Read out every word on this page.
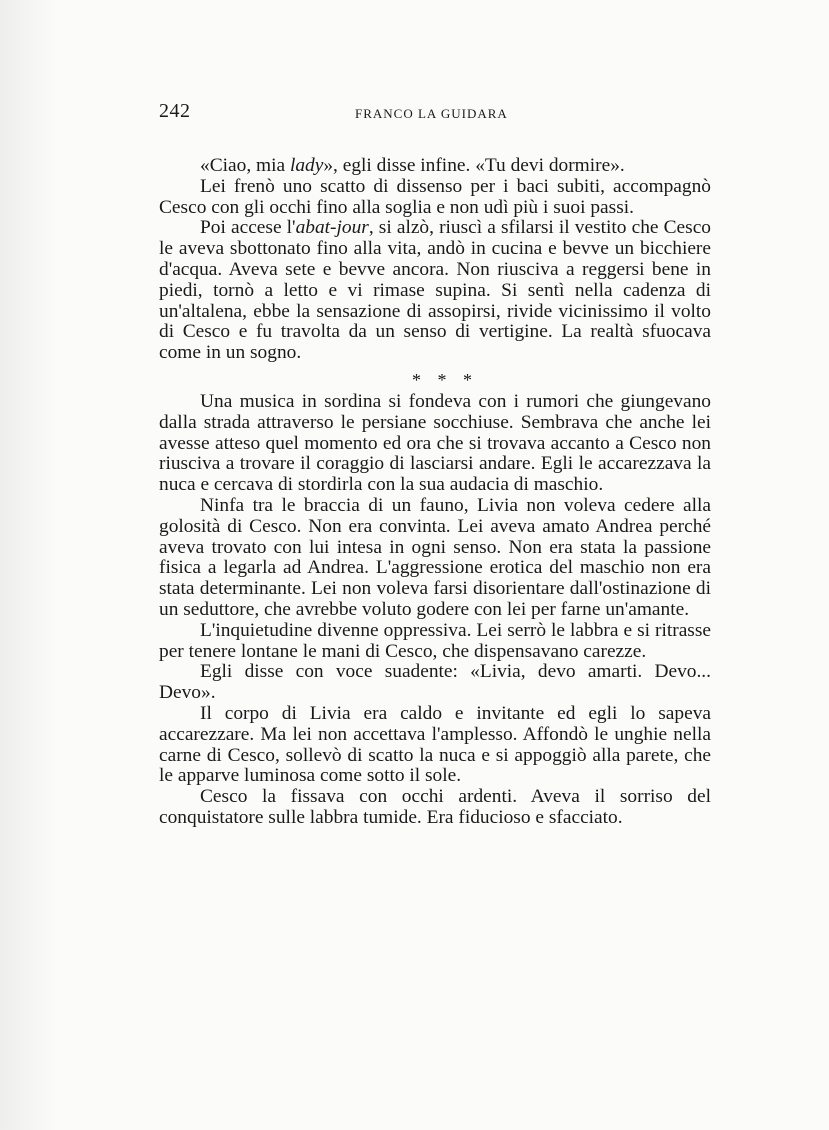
242	FRANCO LA GUIDARA

«Ciao, mia lady», egli disse infine. «Tu devi dormire».

Lei frenò uno scatto di dissenso per i baci subiti, accompagnò Cesco con gli occhi fino alla soglia e non udì più i suoi passi.

Poi accese l'abat-jour, si alzò, riuscì a sfilarsi il vestito che Cesco le aveva sbottonato fino alla vita, andò in cucina e bevve un bicchiere d'acqua. Aveva sete e bevve ancora. Non riusciva a reggersi bene in piedi, tornò a letto e vi rimase supina. Si sentì nella cadenza di un'altalena, ebbe la sensazione di assopirsi, rivide vicinissimo il volto di Cesco e fu travolta da un senso di vertigine. La realtà sfuocava come in un sogno.

* * *

Una musica in sordina si fondeva con i rumori che giungevano dalla strada attraverso le persiane socchiuse. Sembrava che anche lei avesse atteso quel momento ed ora che si trovava accanto a Cesco non riusciva a trovare il coraggio di lasciarsi andare. Egli le accarezzava la nuca e cercava di stordirla con la sua audacia di maschio.

Ninfa tra le braccia di un fauno, Livia non voleva cedere alla golosità di Cesco. Non era convinta. Lei aveva amato Andrea perché aveva trovato con lui intesa in ogni senso. Non era stata la passione fisica a legarla ad Andrea. L'aggressione erotica del maschio non era stata determinante. Lei non voleva farsi disorientare dall'ostinazione di un seduttore, che avrebbe voluto godere con lei per farne un'amante.

L'inquietudine divenne oppressiva. Lei serrò le labbra e si ritrasse per tenere lontane le mani di Cesco, che dispensavano carezze.

Egli disse con voce suadente: «Livia, devo amarti. Devo... Devo».

Il corpo di Livia era caldo e invitante ed egli lo sapeva accarezzare. Ma lei non accettava l'amplesso. Affondò le unghie nella carne di Cesco, sollevò di scatto la nuca e si appoggiò alla parete, che le apparve luminosa come sotto il sole.

Cesco la fissava con occhi ardenti. Aveva il sorriso del conquistatore sulle labbra tumide. Era fiducioso e sfacciato.
